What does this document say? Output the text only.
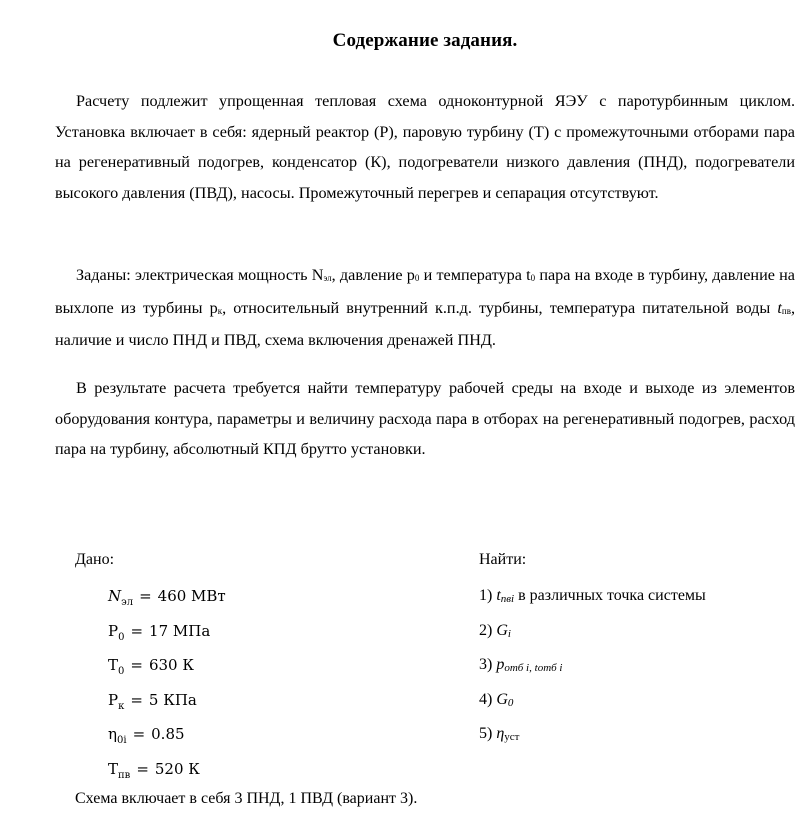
Содержание задания.

Расчету подлежит упрощенная тепловая схема одноконтурной ЯЭУ с паротурбинным циклом. Установка включает в себя: ядерный реактор (Р), паровую турбину (Т) с промежуточными отборами пара на регенеративный подогрев, конденсатор (К), подогреватели низкого давления (ПНД), подогреватели высокого давления (ПВД), насосы. Промежуточный перегрев и сепарация отсутствуют.

Заданы: электрическая мощность Nэл, давление p0 и температура t0 пара на входе в турбину, давление на выхлопе из турбины pк, относительный внутренний к.п.д. турбины, температура питательной воды tпв, наличие и число ПНД и ПВД, схема включения дренажей ПНД.

В результате расчета требуется найти температуру рабочей среды на входе и выходе из элементов оборудования контура, параметры и величину расхода пара в отборах на регенеративный подогрев, расход пара на турбину, абсолютный КПД брутто установки.

Дано:
$N_{эл} = 460$ МВт
$P_0 = 17$ МПа
$T_0 = 630$ К
$P_к = 5$ КПа
$\eta_{0i} = 0.85$
$T_{пв} = 520$ К
Найти:
1) tпвi в различных точка системы
2) Gi
3) pотб i, tотб i
4) G0
5) ηуст
Схема включает в себя 3 ПНД, 1 ПВД (вариант 3).
